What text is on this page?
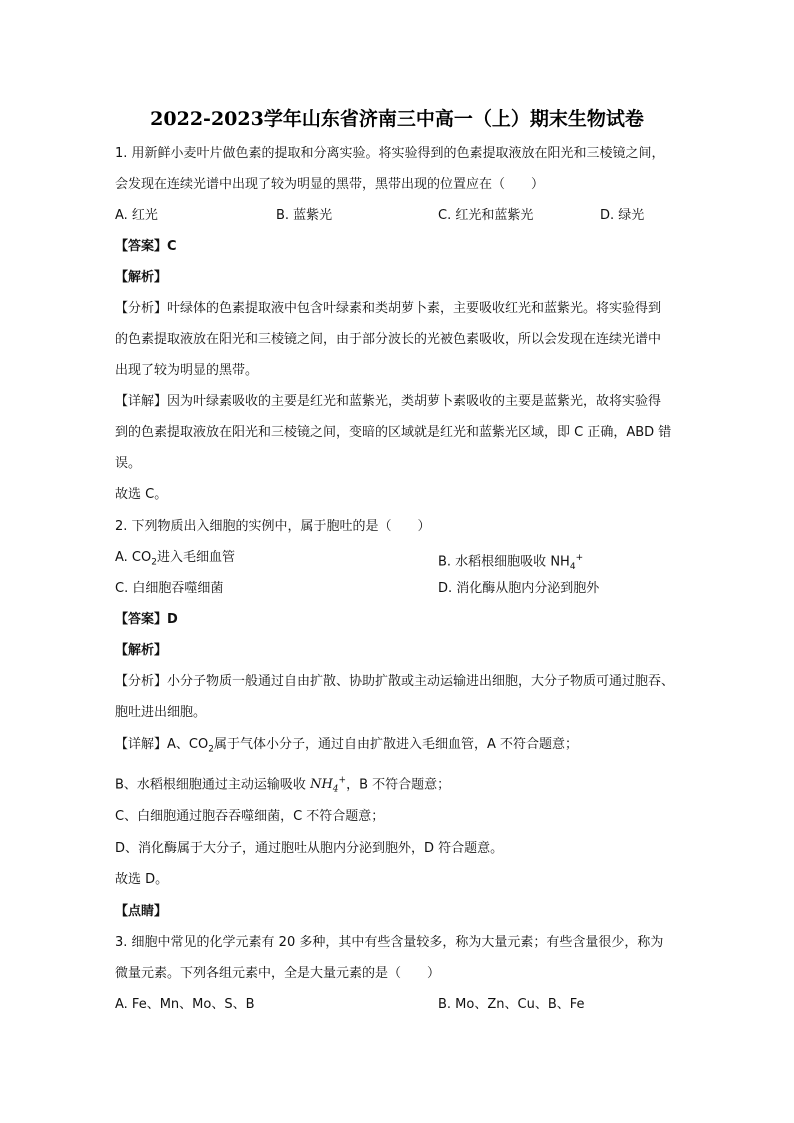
2022-2023学年山东省济南三中高一（上）期末生物试卷
1. 用新鲜小麦叶片做色素的提取和分离实验。将实验得到的色素提取液放在阳光和三棱镜之间，
会发现在连续光谱中出现了较为明显的黑带，黑带出现的位置应在（　　）
A. 红光	B. 蓝紫光	C. 红光和蓝紫光	D. 绿光
【答案】C
【解析】
【分析】叶绿体的色素提取液中包含叶绿素和类胡萝卜素，主要吸收红光和蓝紫光。将实验得到
的色素提取液放在阳光和三棱镜之间，由于部分波长的光被色素吸收，所以会发现在连续光谱中
出现了较为明显的黑带。
【详解】因为叶绿素吸收的主要是红光和蓝紫光，类胡萝卜素吸收的主要是蓝紫光，故将实验得
到的色素提取液放在阳光和三棱镜之间，变暗的区域就是红光和蓝紫光区域，即 C 正确，ABD 错
误。
故选 C。
2. 下列物质出入细胞的实例中，属于胞吐的是（　　）
A. $CO_2$进入毛细血管	B. 水稻根细胞吸收 $NH_4^+$
C. 白细胞吞噬细菌	D. 消化酶从胞内分泌到胞外
【答案】D
【解析】
【分析】小分子物质一般通过自由扩散、协助扩散或主动运输进出细胞，大分子物质可通过胞吞、
胞吐进出细胞。
【详解】A、$CO_2$属于气体小分子，通过自由扩散进入毛细血管，A 不符合题意；
B、水稻根细胞通过主动运输吸收 $NH_4^+$，B 不符合题意；
C、白细胞通过胞吞吞噬细菌，C 不符合题意；
D、消化酶属于大分子，通过胞吐从胞内分泌到胞外，D 符合题意。
故选 D。
【点睛】
3. 细胞中常见的化学元素有 20 多种，其中有些含量较多，称为大量元素；有些含量很少，称为
微量元素。下列各组元素中，全是大量元素的是（　　）
A. Fe、Mn、Mo、S、B	B. Mo、Zn、Cu、B、Fe
